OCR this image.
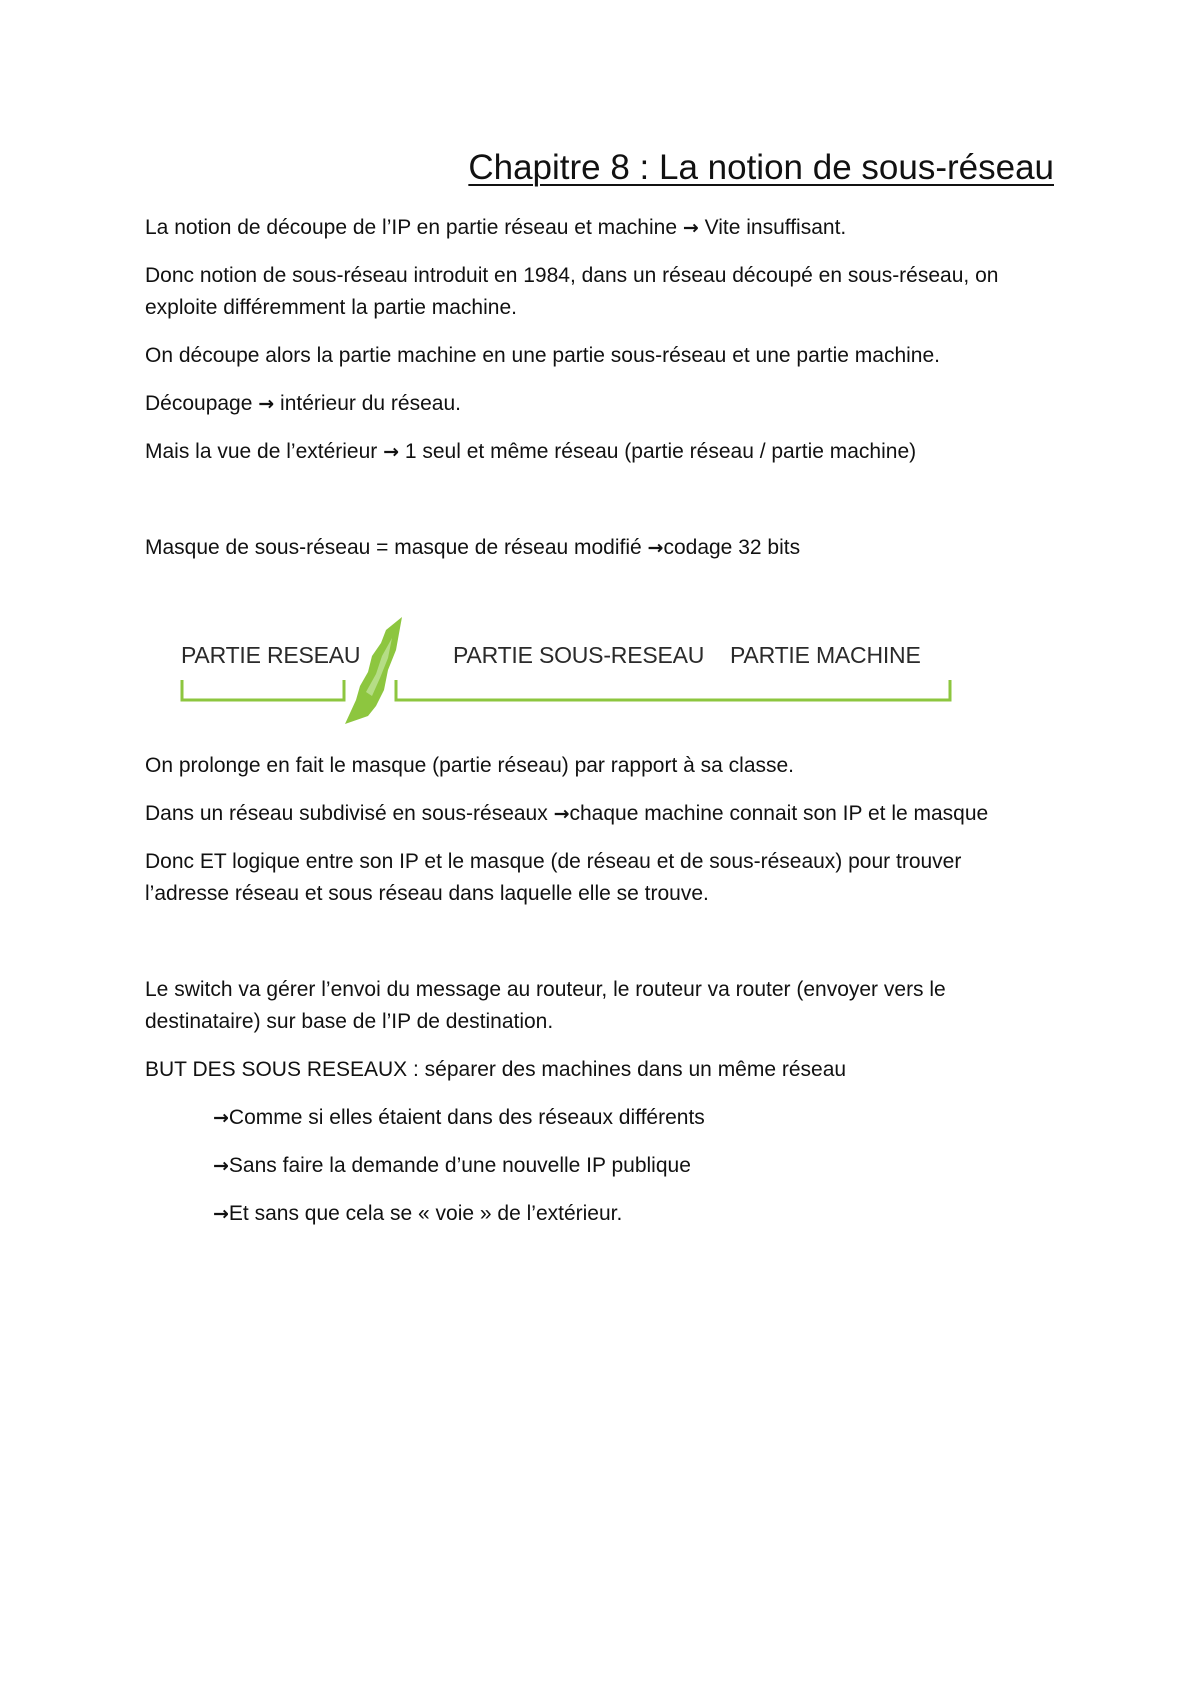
Chapitre 8 : La notion de sous-réseau

La notion de découpe de l’IP en partie réseau et machine → Vite insuffisant.

Donc notion de sous-réseau introduit en 1984, dans un réseau découpé en sous-réseau, on

exploite différemment la partie machine.

On découpe alors la partie machine en une partie sous-réseau et une partie machine.

Découpage → intérieur du réseau.

Mais la vue de l’extérieur → 1 seul et même réseau (partie réseau / partie machine)

Masque de sous-réseau = masque de réseau modifié →codage 32 bits

PARTIE RESEAU	PARTIE SOUS-RESEAU PARTIE MACHINE

On prolonge en fait le masque (partie réseau) par rapport à sa classe.

Dans un réseau subdivisé en sous-réseaux →chaque machine connait son IP et le masque

Donc ET logique entre son IP et le masque (de réseau et de sous-réseaux) pour trouver

l’adresse réseau et sous réseau dans laquelle elle se trouve.

Le switch va gérer l’envoi du message au routeur, le routeur va router (envoyer vers le

destinataire) sur base de l’IP de destination.

BUT DES SOUS RESEAUX : séparer des machines dans un même réseau

→Comme si elles étaient dans des réseaux différents

→Sans faire la demande d’une nouvelle IP publique

→Et sans que cela se « voie » de l’extérieur.
